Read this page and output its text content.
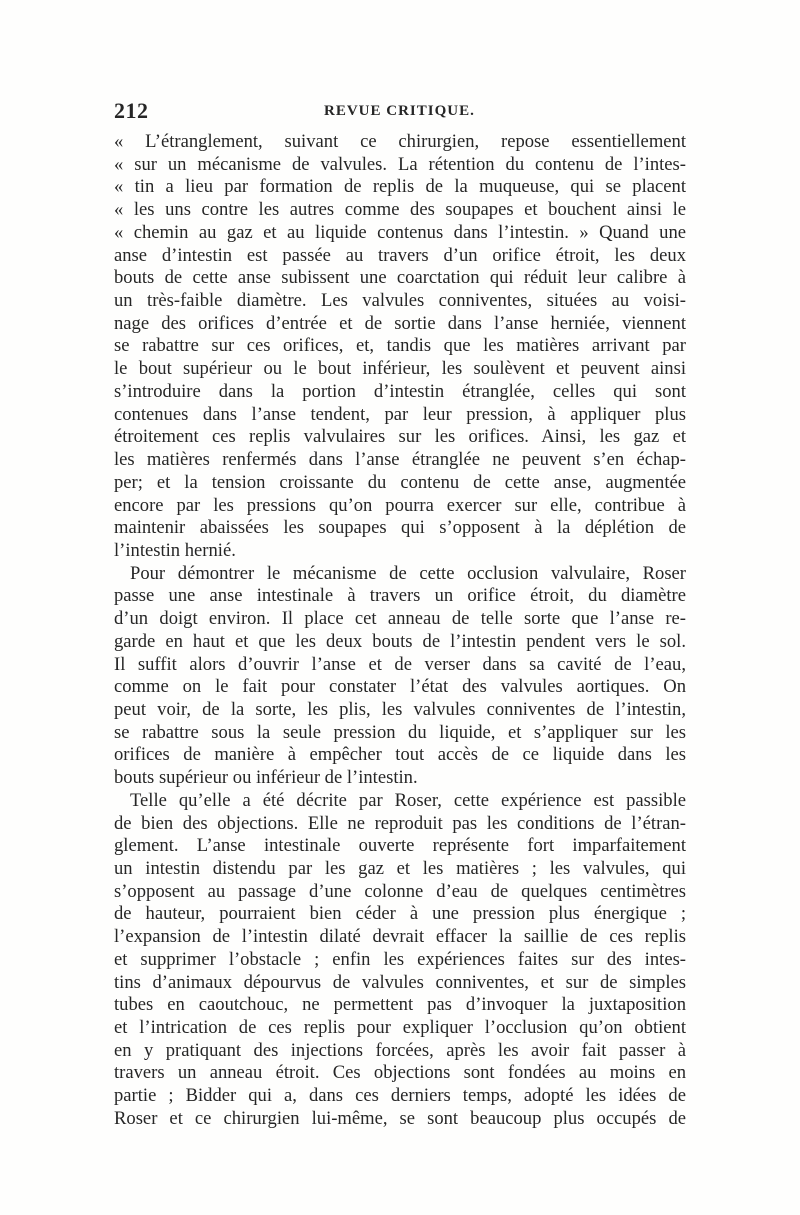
212	REVUE CRITIQUE.
« L’étranglement, suivant ce chirurgien, repose essentiellement
« sur un mécanisme de valvules. La rétention du contenu de l’intes-
« tin a lieu par formation de replis de la muqueuse, qui se placent
« les uns contre les autres comme des soupapes et bouchent ainsi le
« chemin au gaz et au liquide contenus dans l’intestin. » Quand une
anse d’intestin est passée au travers d’un orifice étroit, les deux
bouts de cette anse subissent une coarctation qui réduit leur calibre à
un très-faible diamètre. Les valvules conniventes, situées au voisi-
nage des orifices d’entrée et de sortie dans l’anse herniée, viennent
se rabattre sur ces orifices, et, tandis que les matières arrivant par
le bout supérieur ou le bout inférieur, les soulèvent et peuvent ainsi
s’introduire dans la portion d’intestin étranglée, celles qui sont
contenues dans l’anse tendent, par leur pression, à appliquer plus
étroitement ces replis valvulaires sur les orifices. Ainsi, les gaz et
les matières renfermés dans l’anse étranglée ne peuvent s’en échap-
per; et la tension croissante du contenu de cette anse, augmentée
encore par les pressions qu’on pourra exercer sur elle, contribue à
maintenir abaissées les soupapes qui s’opposent à la déplétion de
l’intestin hernié.
Pour démontrer le mécanisme de cette occlusion valvulaire, Roser
passe une anse intestinale à travers un orifice étroit, du diamètre
d’un doigt environ. Il place cet anneau de telle sorte que l’anse re-
garde en haut et que les deux bouts de l’intestin pendent vers le sol.
Il suffit alors d’ouvrir l’anse et de verser dans sa cavité de l’eau,
comme on le fait pour constater l’état des valvules aortiques. On
peut voir, de la sorte, les plis, les valvules conniventes de l’intestin,
se rabattre sous la seule pression du liquide, et s’appliquer sur les
orifices de manière à empêcher tout accès de ce liquide dans les
bouts supérieur ou inférieur de l’intestin.
Telle qu’elle a été décrite par Roser, cette expérience est passible
de bien des objections. Elle ne reproduit pas les conditions de l’étran-
glement. L’anse intestinale ouverte représente fort imparfaitement
un intestin distendu par les gaz et les matières ; les valvules, qui
s’opposent au passage d’une colonne d’eau de quelques centimètres
de hauteur, pourraient bien céder à une pression plus énergique ;
l’expansion de l’intestin dilaté devrait effacer la saillie de ces replis
et supprimer l’obstacle ; enfin les expériences faites sur des intes-
tins d’animaux dépourvus de valvules conniventes, et sur de simples
tubes en caoutchouc, ne permettent pas d’invoquer la juxtaposition
et l’intrication de ces replis pour expliquer l’occlusion qu’on obtient
en y pratiquant des injections forcées, après les avoir fait passer à
travers un anneau étroit. Ces objections sont fondées au moins en
partie ; Bidder qui a, dans ces derniers temps, adopté les idées de
Roser et ce chirurgien lui-même, se sont beaucoup plus occupés de
